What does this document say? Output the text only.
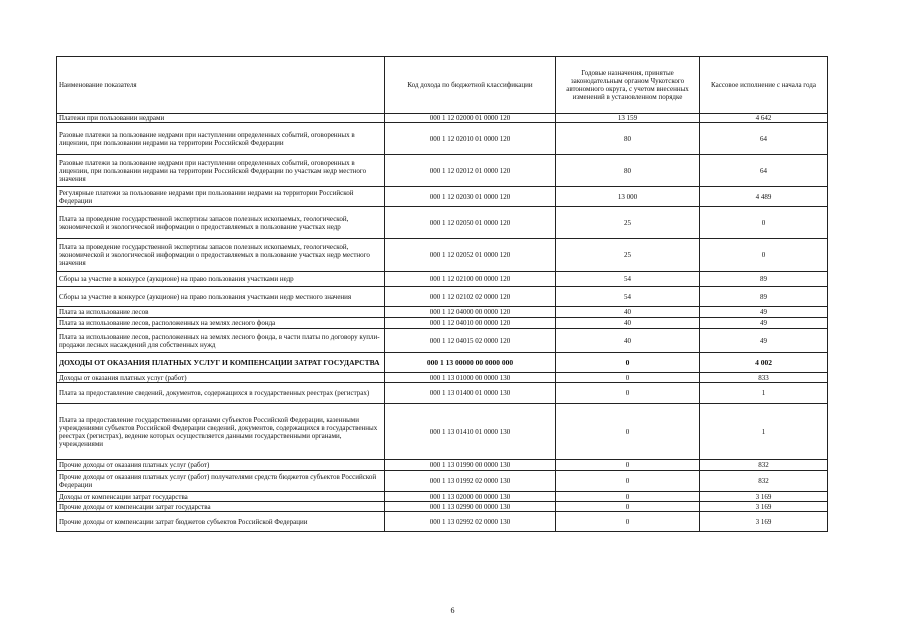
Наименование показателя	Код дохода по бюджетной классификации	Годовые назначения, принятые законодательным органом Чукотского автономного округа, с учетом внесенных изменений в установленном порядке	Кассовое исполнение с начала года
Платежи при пользовании недрами	000 1 12 02000 01 0000 120	13 159	4 642
Разовые платежи за пользование недрами при наступлении определенных событий, оговоренных в лицензии, при пользовании недрами на территории Российской Федерации	000 1 12 02010 01 0000 120	80	64
Разовые платежи за пользование недрами при наступлении определенных событий, оговоренных в лицензии, при пользовании недрами на территории Российской Федерации по участкам недр местного значения	000 1 12 02012 01 0000 120	80	64
Регулярные платежи за пользование недрами при пользовании недрами на территории Российской Федерации	000 1 12 02030 01 0000 120	13 000	4 489
Плата за проведение государственной экспертизы запасов полезных ископаемых, геологической, экономической и экологической информации о предоставляемых в пользование участках недр	000 1 12 02050 01 0000 120	25	0
Плата за проведение государственной экспертизы запасов полезных ископаемых, геологической, экономической и экологической информации о предоставляемых в пользование участках недр местного значения	000 1 12 02052 01 0000 120	25	0
Сборы за участие в конкурсе (аукционе) на право пользования участками недр	000 1 12 02100 00 0000 120	54	89
Сборы за участие в конкурсе (аукционе) на право пользования участками недр местного значения	000 1 12 02102 02 0000 120	54	89
Плата за использование лесов	000 1 12 04000 00 0000 120	40	49
Плата за использование лесов, расположенных на землях лесного фонда	000 1 12 04010 00 0000 120	40	49
Плата за использование лесов, расположенных на землях лесного фонда, в части платы по договору купли-продажи лесных насаждений для собственных нужд	000 1 12 04015 02 0000 120	40	49
ДОХОДЫ ОТ ОКАЗАНИЯ ПЛАТНЫХ УСЛУГ И КОМПЕНСАЦИИ ЗАТРАТ ГОСУДАРСТВА	000 1 13 00000 00 0000 000	0	4 002
Доходы от оказания платных услуг (работ)	000 1 13 01000 00 0000 130	0	833
Плата за предоставление сведений, документов, содержащихся в государственных реестрах (регистрах)	000 1 13 01400 01 0000 130	0	1
Плата за предоставление государственными органами субъектов Российской Федерации, казенными учреждениями субъектов Российской Федерации сведений, документов, содержащихся в государственных реестрах (регистрах), ведение которых осуществляется данными государственными органами, учреждениями	000 1 13 01410 01 0000 130	0	1
Прочие доходы от оказания платных услуг (работ)	000 1 13 01990 00 0000 130	0	832
Прочие доходы от оказания платных услуг (работ) получателями средств бюджетов субъектов Российской Федерации	000 1 13 01992 02 0000 130	0	832
Доходы от компенсации затрат государства	000 1 13 02000 00 0000 130	0	3 169
Прочие доходы от компенсации затрат государства	000 1 13 02990 00 0000 130	0	3 169
Прочие доходы от компенсации затрат бюджетов субъектов Российской Федерации	000 1 13 02992 02 0000 130	0	3 169
6
